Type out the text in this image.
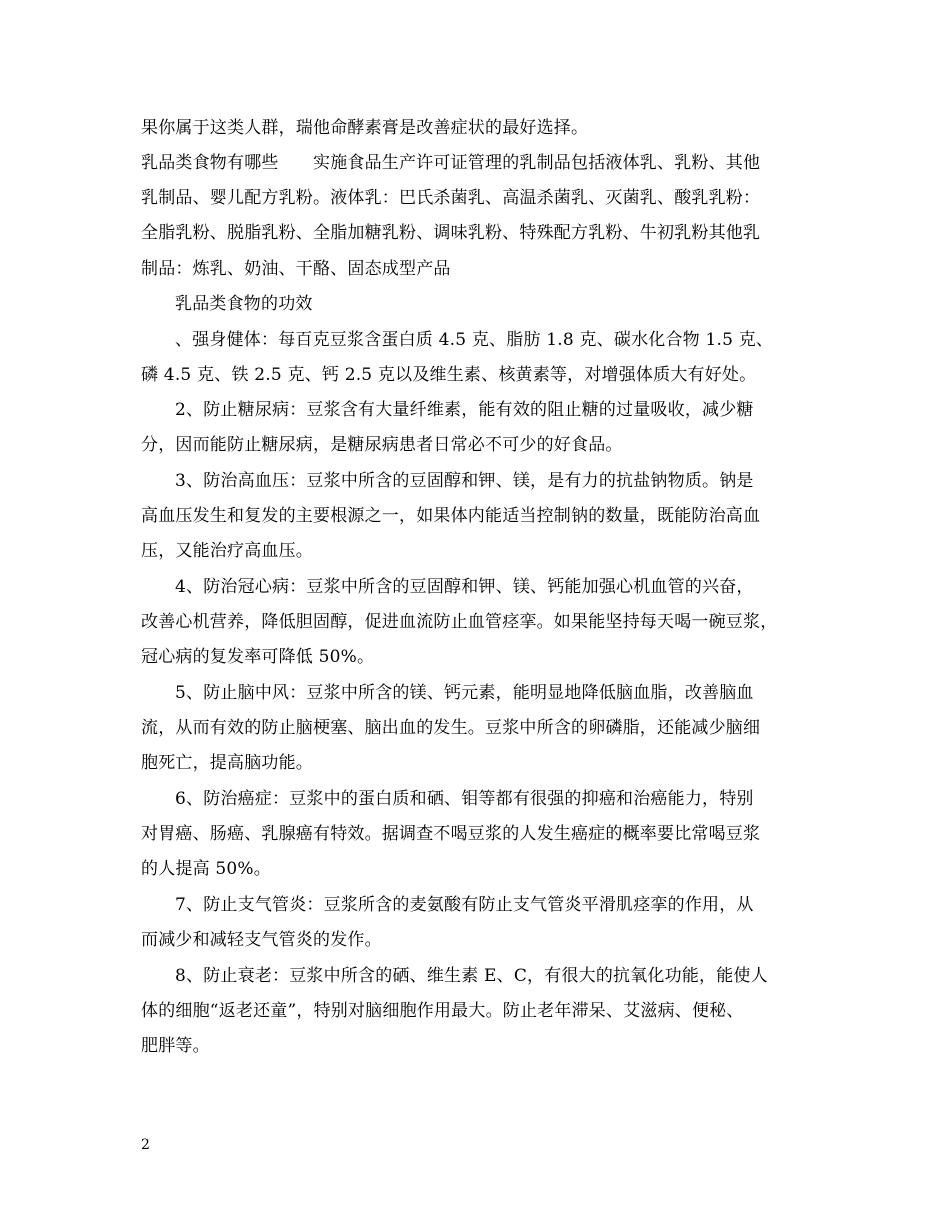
果你属于这类人群，瑞他命酵素膏是改善症状的最好选择。
乳品类食物有哪些　　实施食品生产许可证管理的乳制品包括液体乳、乳粉、其他
乳制品、婴儿配方乳粉。液体乳：巴氏杀菌乳、高温杀菌乳、灭菌乳、酸乳乳粉：
全脂乳粉、脱脂乳粉、全脂加糖乳粉、调味乳粉、特殊配方乳粉、牛初乳粉其他乳
制品：炼乳、奶油、干酪、固态成型产品
乳品类食物的功效
、强身健体：每百克豆浆含蛋白质 4.5 克、脂肪 1.8 克、碳水化合物 1.5 克、
磷 4.5 克、铁 2.5 克、钙 2.5 克以及维生素、核黄素等，对增强体质大有好处。
2、防止糖尿病：豆浆含有大量纤维素，能有效的阻止糖的过量吸收，减少糖
分，因而能防止糖尿病，是糖尿病患者日常必不可少的好食品。
3、防治高血压：豆浆中所含的豆固醇和钾、镁，是有力的抗盐钠物质。钠是
高血压发生和复发的主要根源之一，如果体内能适当控制钠的数量，既能防治高血
压，又能治疗高血压。
4、防治冠心病：豆浆中所含的豆固醇和钾、镁、钙能加强心机血管的兴奋，
改善心机营养，降低胆固醇，促进血流防止血管痉挛。如果能坚持每天喝一碗豆浆，
冠心病的复发率可降低 50%。
5、防止脑中风：豆浆中所含的镁、钙元素，能明显地降低脑血脂，改善脑血
流，从而有效的防止脑梗塞、脑出血的发生。豆浆中所含的卵磷脂，还能减少脑细
胞死亡，提高脑功能。
6、防治癌症：豆浆中的蛋白质和硒、钼等都有很强的抑癌和治癌能力，特别
对胃癌、肠癌、乳腺癌有特效。据调查不喝豆浆的人发生癌症的概率要比常喝豆浆
的人提高 50%。
7、防止支气管炎：豆浆所含的麦氨酸有防止支气管炎平滑肌痉挛的作用，从
而减少和减轻支气管炎的发作。
8、防止衰老：豆浆中所含的硒、维生素 E、C，有很大的抗氧化功能，能使人
体的细胞“返老还童”，特别对脑细胞作用最大。防止老年滞呆、艾滋病、便秘、
肥胖等。
2
